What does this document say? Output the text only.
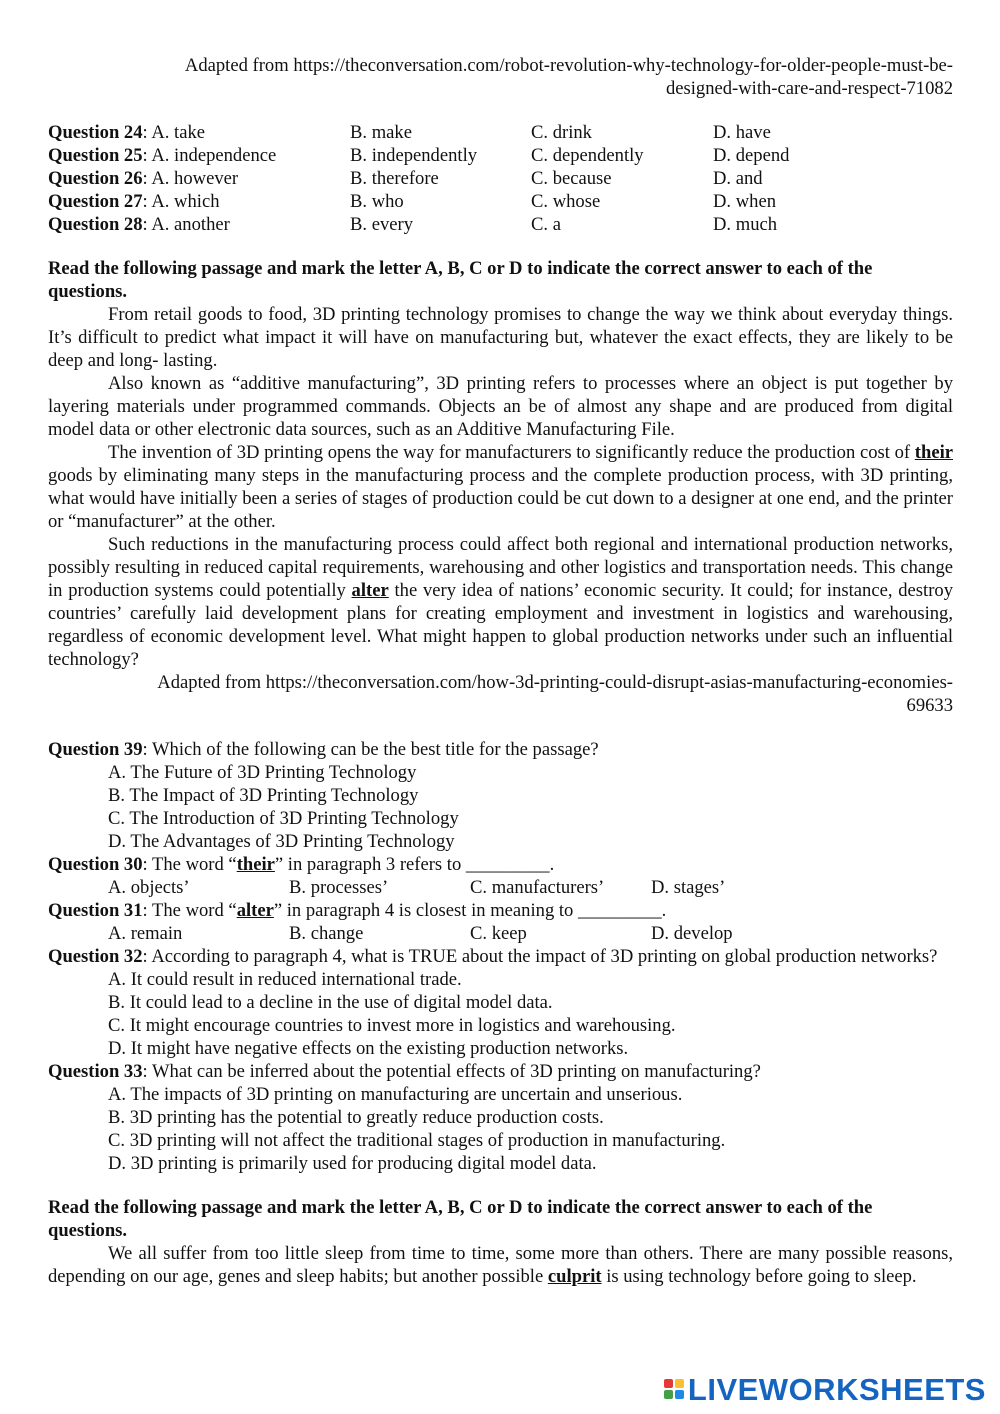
Adapted from https://theconversation.com/robot-revolution-why-technology-for-older-people-must-be-
designed-with-care-and-respect-71082
Question 24: A. take	B. make	C. drink	D. have
Question 25: A. independence	B. independently	C. dependently	D. depend
Question 26: A. however	B. therefore	C. because	D. and
Question 27: A. which	B. who	C. whose	D. when
Question 28: A. another	B. every	C. a	D. much
Read the following passage and mark the letter A, B, C or D to indicate the correct answer to each of the questions.
From retail goods to food, 3D printing technology promises to change the way we think about everyday things. It’s difficult to predict what impact it will have on manufacturing but, whatever the exact effects, they are likely to be deep and long- lasting.
Also known as “additive manufacturing”, 3D printing refers to processes where an object is put together by layering materials under programmed commands. Objects an be of almost any shape and are produced from digital model data or other electronic data sources, such as an Additive Manufacturing File.
The invention of 3D printing opens the way for manufacturers to significantly reduce the production cost of their goods by eliminating many steps in the manufacturing process and the complete production process, with 3D printing, what would have initially been a series of stages of production could be cut down to a designer at one end, and the printer or “manufacturer” at the other.
Such reductions in the manufacturing process could affect both regional and international production networks, possibly resulting in reduced capital requirements, warehousing and other logistics and transportation needs. This change in production systems could potentially alter the very idea of nations’ economic security. It could; for instance, destroy countries’ carefully laid development plans for creating employment and investment in logistics and warehousing, regardless of economic development level. What might happen to global production networks under such an influential technology?
Adapted from https://theconversation.com/how-3d-printing-could-disrupt-asias-manufacturing-economies-
69633
Question 39: Which of the following can be the best title for the passage?
A. The Future of 3D Printing Technology
B. The Impact of 3D Printing Technology
C. The Introduction of 3D Printing Technology
D. The Advantages of 3D Printing Technology
Question 30: The word “their” in paragraph 3 refers to _________.
A. objects’	B. processes’	C. manufacturers’	D. stages’
Question 31: The word “alter” in paragraph 4 is closest in meaning to _________.
A. remain	B. change	C. keep	D. develop
Question 32: According to paragraph 4, what is TRUE about the impact of 3D printing on global production networks?
A. It could result in reduced international trade.
B. It could lead to a decline in the use of digital model data.
C. It might encourage countries to invest more in logistics and warehousing.
D. It might have negative effects on the existing production networks.
Question 33: What can be inferred about the potential effects of 3D printing on manufacturing?
A. The impacts of 3D printing on manufacturing are uncertain and unserious.
B. 3D printing has the potential to greatly reduce production costs.
C. 3D printing will not affect the traditional stages of production in manufacturing.
D. 3D printing is primarily used for producing digital model data.
Read the following passage and mark the letter A, B, C or D to indicate the correct answer to each of the questions.
We all suffer from too little sleep from time to time, some more than others. There are many possible reasons, depending on our age, genes and sleep habits; but another possible culprit is using technology before going to sleep.
LIVEWORKSHEETS
